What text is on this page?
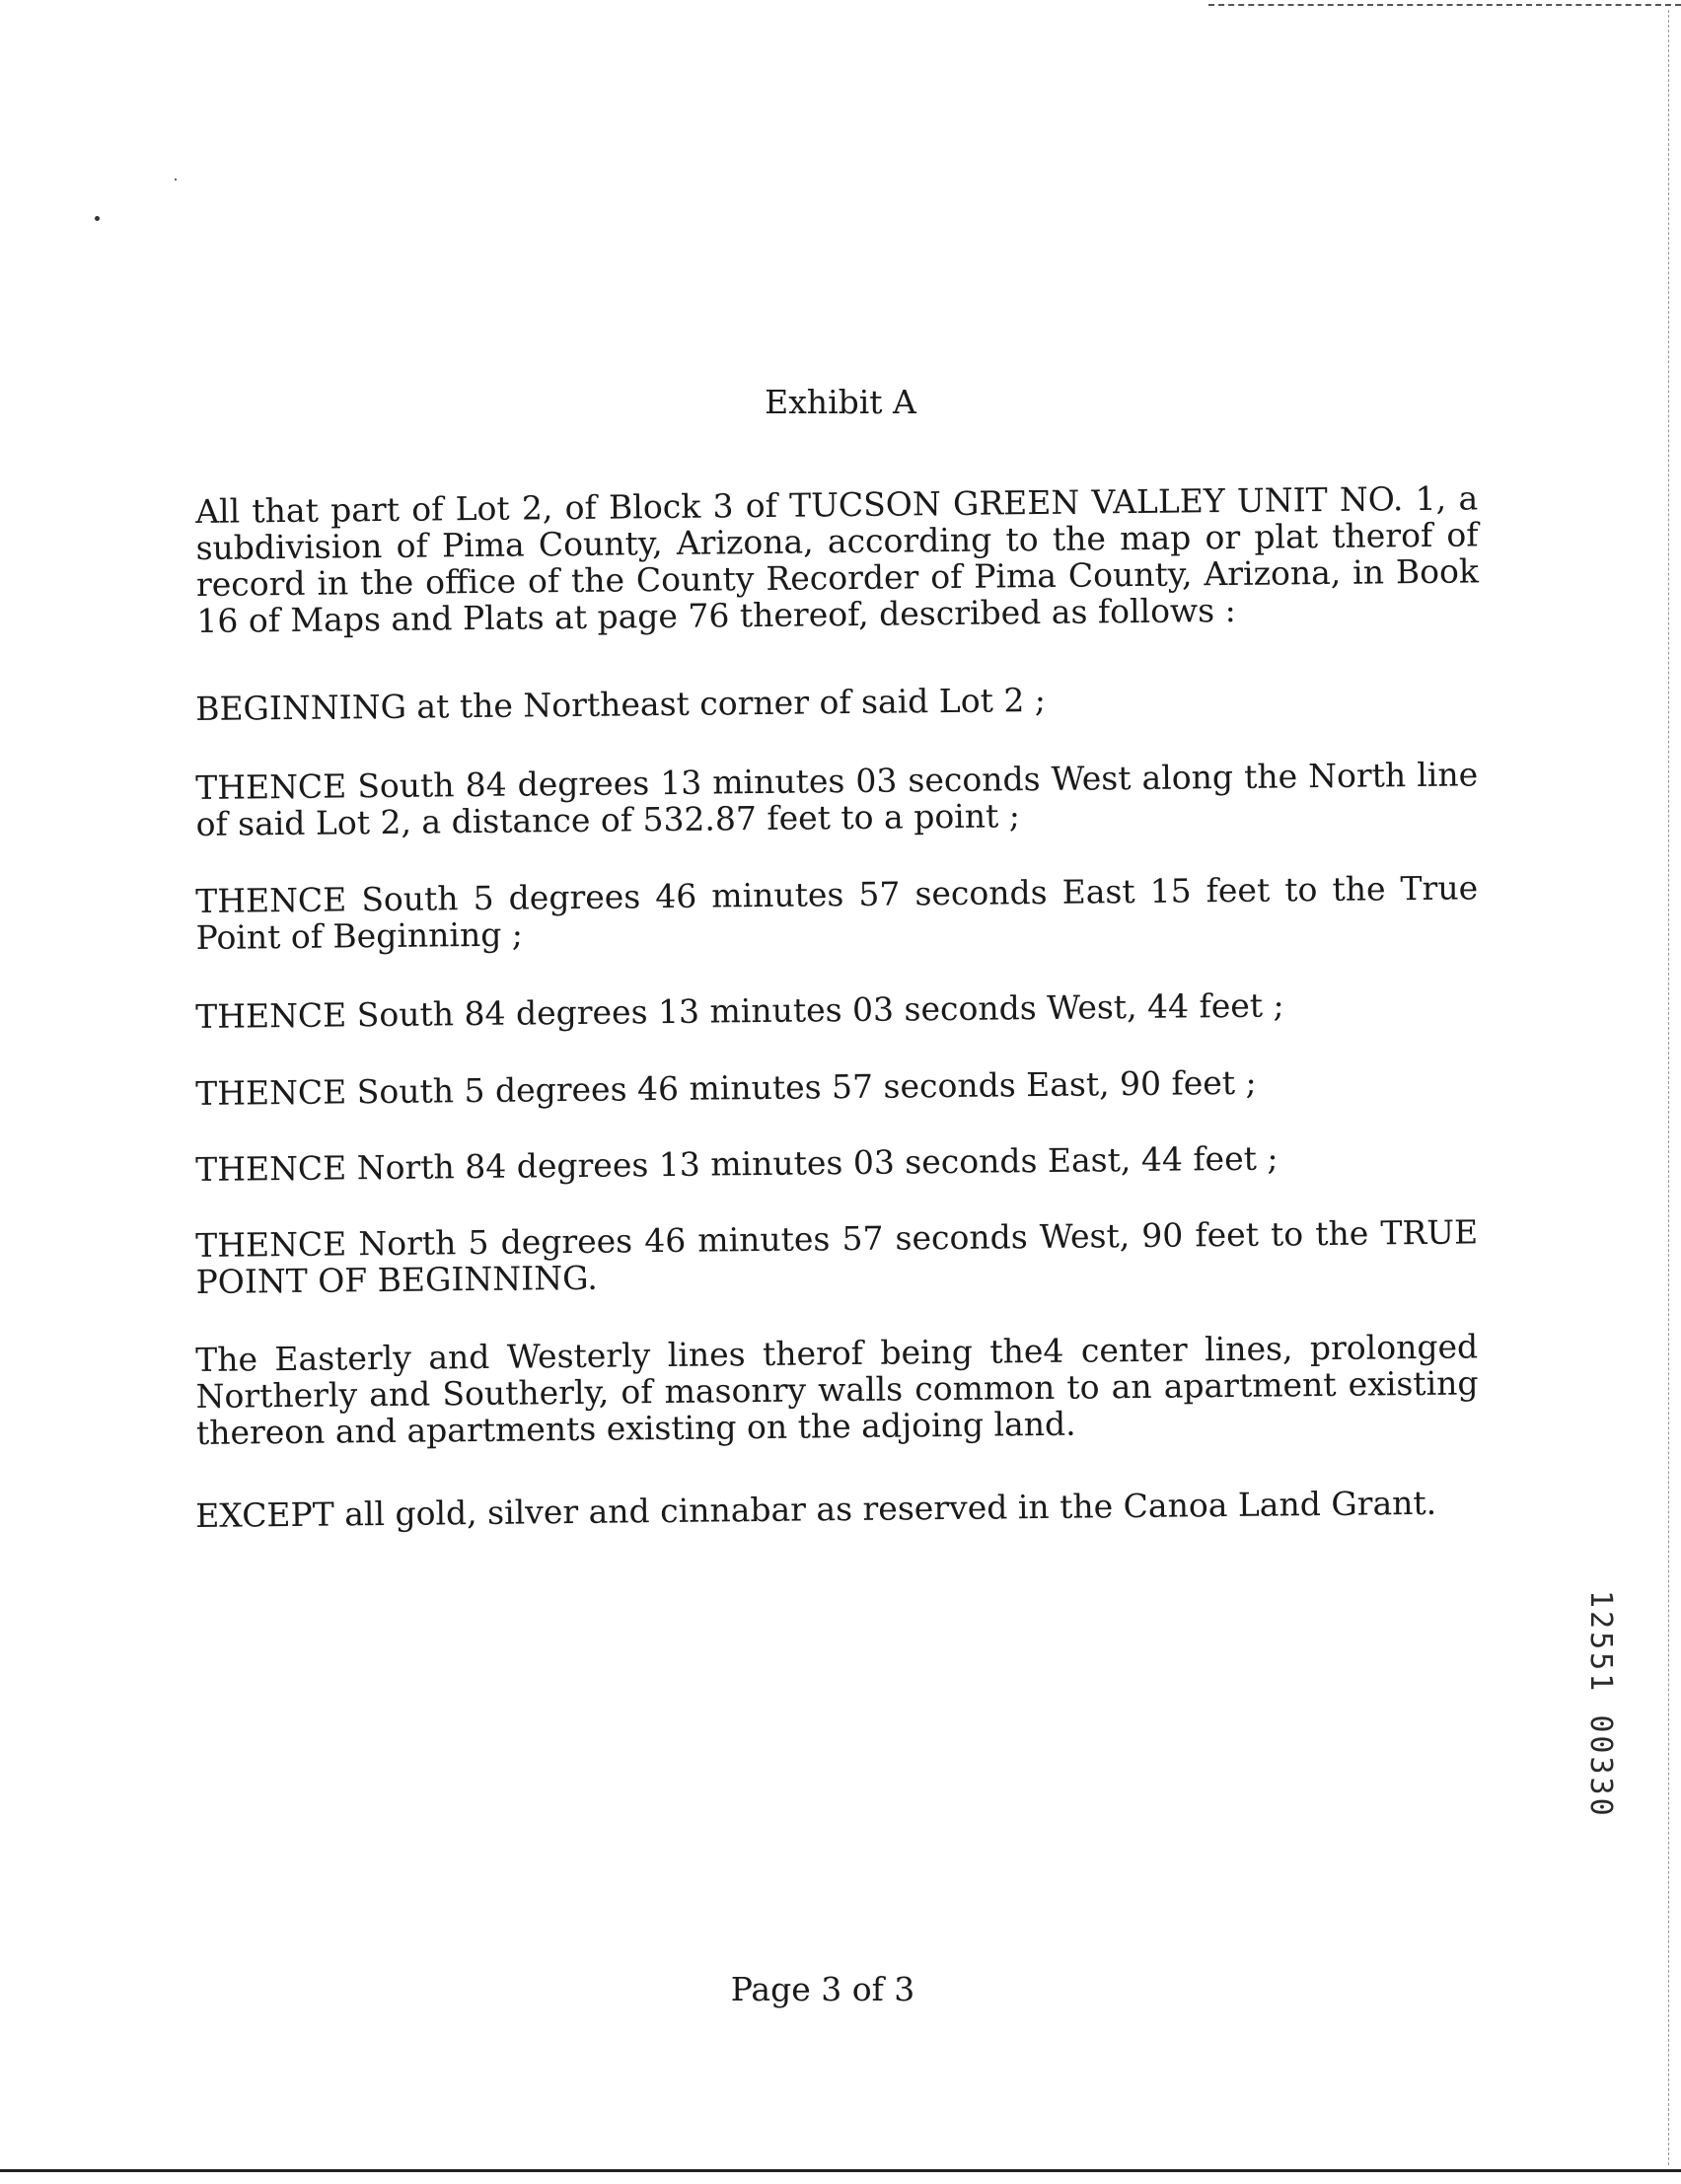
Exhibit A

All that part of Lot 2, of Block 3 of TUCSON GREEN VALLEY UNIT NO. 1, a subdivision of Pima County, Arizona, according to the map or plat therof of record in the office of the County Recorder of Pima County, Arizona, in Book 16 of Maps and Plats at page 76 thereof, described as follows :

BEGINNING at the Northeast corner of said Lot 2 ;

THENCE South 84 degrees 13 minutes 03 seconds West along the North line of said Lot 2, a distance of 532.87 feet to a point ;

THENCE South 5 degrees 46 minutes 57 seconds East 15 feet to the True Point of Beginning ;

THENCE South 84 degrees 13 minutes 03 seconds West, 44 feet ;

THENCE South 5 degrees 46 minutes 57 seconds East, 90 feet ;

THENCE North 84 degrees 13 minutes 03 seconds East, 44 feet ;

THENCE North 5 degrees 46 minutes 57 seconds West, 90 feet to the TRUE POINT OF BEGINNING.

The Easterly and Westerly lines therof being the4 center lines, prolonged Northerly and Southerly, of masonry walls common to an apartment existing thereon and apartments existing on the adjoing land.

EXCEPT all gold, silver and cinnabar as reserved in the Canoa Land Grant.

12551 00330
Page 3 of 3
